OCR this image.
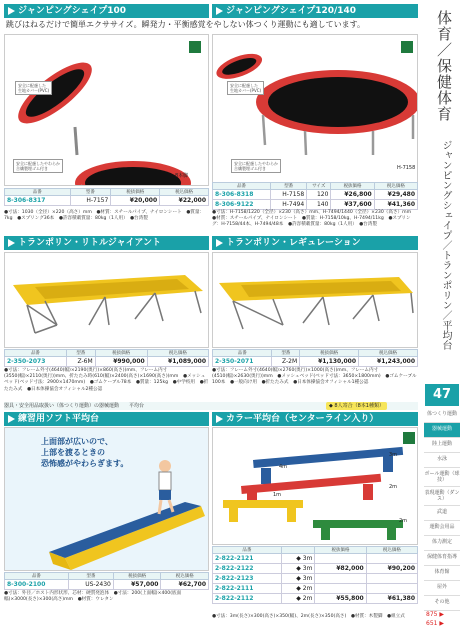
体育／保健体育
ジャンピングシェイプ／トランポリン／平均台
47
体つくり運動
器械運動
陸上運動
水泳
ボール運動（球技）
表現運動（ダンス）
武道
運動会用品
体力測定
保健体育指導
体育館
屋外
その他
875 ▶
651 ▶
ジャンピングシェイプ100	ジャンピングシェイプ120/140
跳びはねるだけで簡単エクササイズ。瞬発力・平衡感覚をやしない体つくり運動にも適しています。
安全に配慮した
生地カバー(PVC)
安全に配慮したやわらか
合繊製埋ゴム付き
8本脚
安全に配慮した
生地カバー(PVC)
安全に配慮したやわらか
合繊製埋ゴム付き	H-7158
品番	型番	税抜価格	税込価格
8-306-8317	H-7157	¥20,000	¥22,000
●寸法：1030（全径）×220（高さ）mm　●材質：スチールパイプ、ナイロンシート　●質量：7kg　●スプリング36本　●許容積載質量：80kg（1人用）　●台湾製
品番	型番	サイズ	税抜価格	税込価格
8-306-8318	H-7158	120	¥26,800	¥29,480
8-306-9122	H-7494	140	¥37,600	¥41,360
●寸法：H-7158/1220（全径）×230（高さ）mm、H-7494/1440（全径）×230（高さ）mm　●材質：スチールパイプ、ナイロンシート　●質量：H-7158/10kg、H-7494/11kg　●スプリング：H-7158/44本、H-7494/48本　●許容積載質量：80kg（1人用）　●台湾製
トランポリン・リトルジャイアント	トランポリン・レギュレーション
品番	型番	税抜価格	税込価格
2-350-2073	Z-6M	¥990,000	¥1,089,000
●寸法：フレーム外寸(4640(幅)×2190(奥行)×860(高さ))mm、フレーム内寸(3550(幅)×2110(奥行))mm、折たたみ時(610(幅)×2400(高さ)×1690(高さ))mm　●メッシュベッド(ベッド寸法：2900×1470mm)　●ゴムケーブル78本　●質量：125kg　●中学校用　●折たたみ式　●日本体操協会オフィシャル2種公認
品番	型番	税抜価格	税込価格
2-350-2071	Z-2M	¥1,130,000	¥1,243,000
●寸法：フレーム外寸(4640(幅)×2760(奥行)×1000(高さ))mm、フレーム内寸(4510(幅)×2630(奥行))mm　●メッシュベッド(ベッド寸法：3650×1800mm)　●ゴムケーブル100本　●一般向け用　●折たたみ式　●日本体操協会オフィシャル1種公認
器具・安全用品取扱い（体つくり運動）の器械運動　　平均台
練習用ソフト平均台	カラー平均台（センターライン入り）
◆ 8人寄合（8本1種類）
上面部が広いので、
上部を渡るときの
恐怖感がやわらぎます。
3m
4m
2m
1m
2m
品番	型番	税抜価格	税込価格
8-300-2100	US-2430	¥57,000	¥62,700
●寸法：外径／ホスト内形状形、芯材：硬質発泡体　●寸法：200(上面幅)×400(底面幅)×3000(長さ)×300(高さ)mm　●材質：ウレタン
品番		税抜価格	税込価格
2-822-2121	◆ 3m		
2-822-2122	◆ 3m	¥82,000	¥90,200
2-822-2123	◆ 3m		
2-822-2111	◆ 2m		
2-822-2112	◆ 2m	¥55,800	¥61,380
●寸法：3m(長さ)×300(高さ)×350(幅)、2m(長さ)×350(高さ)　●材質：木製脚　●組立式
